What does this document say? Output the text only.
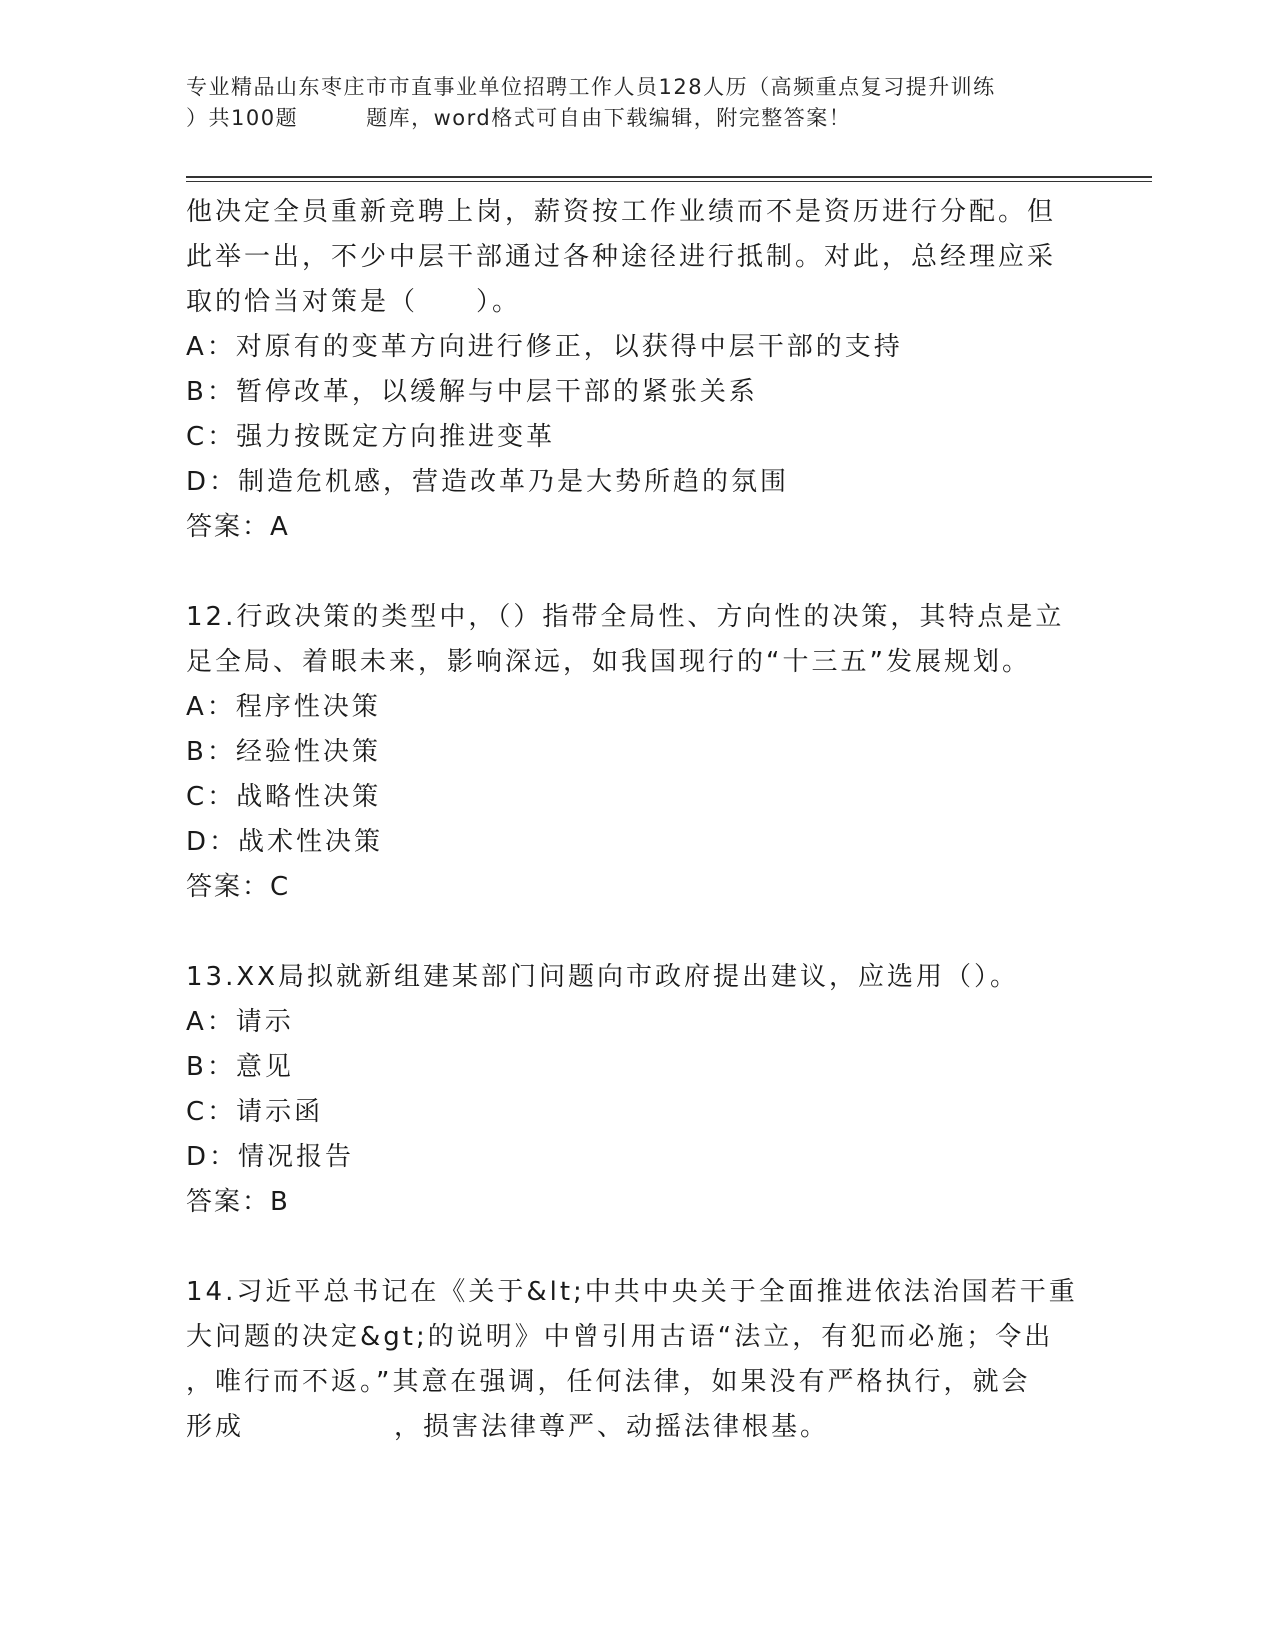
专业精品山东枣庄市市直事业单位招聘工作人员128人历（高频重点复习提升训练
）共100题	题库，word格式可自由下载编辑，附完整答案！

他决定全员重新竞聘上岗，薪资按工作业绩而不是资历进行分配。但

此举一出，不少中层干部通过各种途径进行抵制。对此，总经理应采

取的恰当对策是（　　）。

A：对原有的变革方向进行修正，以获得中层干部的支持

B：暂停改革，以缓解与中层干部的紧张关系

C：强力按既定方向推进变革

D：制造危机感，营造改革乃是大势所趋的氛围

答案：A

12.行政决策的类型中，（）指带全局性、方向性的决策，其特点是立

足全局、着眼未来，影响深远，如我国现行的“十三五”发展规划。

A：程序性决策

B：经验性决策

C：战略性决策

D：战术性决策

答案：C

13.XX局拟就新组建某部门问题向市政府提出建议，应选用（）。

A：请示

B：意见

C：请示函

D：情况报告

答案：B

14.习近平总书记在《关于&lt;中共中央关于全面推进依法治国若干重

大问题的决定&gt;的说明》中曾引用古语“法立，有犯而必施；令出

，唯行而不返。”其意在强调，任何法律，如果没有严格执行，就会

形成	，损害法律尊严、动摇法律根基。
